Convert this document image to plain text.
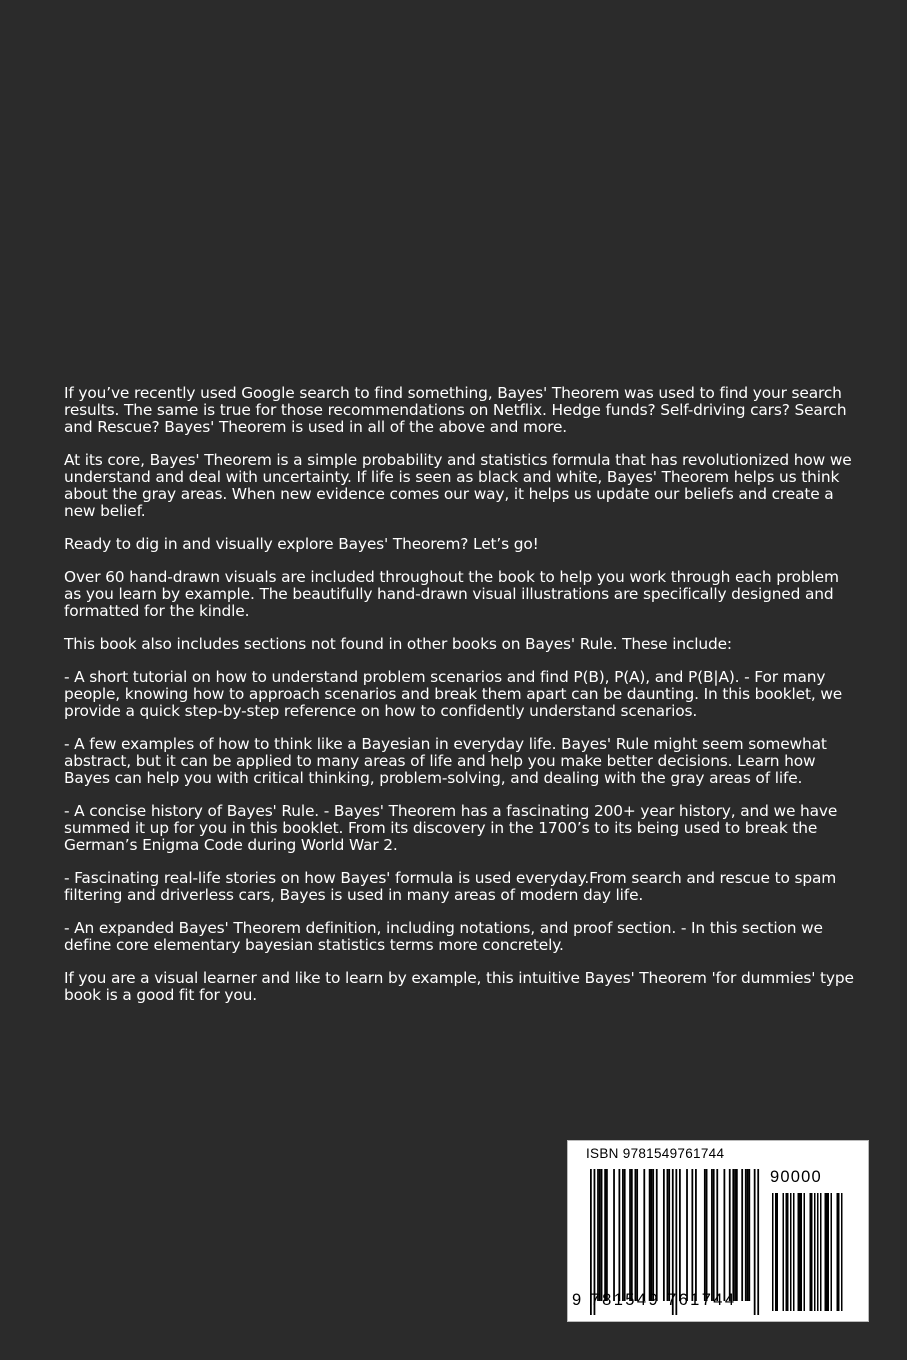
If you’ve recently used Google search to find something, Bayes' Theorem was used to find your search results. The same is true for those recommendations on Netflix. Hedge funds? Self-driving cars? Search and Rescue? Bayes' Theorem is used in all of the above and more.

At its core, Bayes' Theorem is a simple probability and statistics formula that has revolutionized how we understand and deal with uncertainty. If life is seen as black and white, Bayes' Theorem helps us think about the gray areas. When new evidence comes our way, it helps us update our beliefs and create a new belief.

Ready to dig in and visually explore Bayes' Theorem? Let’s go!

Over 60 hand-drawn visuals are included throughout the book to help you work through each problem as you learn by example. The beautifully hand-drawn visual illustrations are specifically designed and formatted for the kindle.

This book also includes sections not found in other books on Bayes' Rule. These include:

- A short tutorial on how to understand problem scenarios and find P(B), P(A), and P(B|A). - For many people, knowing how to approach scenarios and break them apart can be daunting. In this booklet, we provide a quick step-by-step reference on how to confidently understand scenarios.

- A few examples of how to think like a Bayesian in everyday life. Bayes' Rule might seem somewhat abstract, but it can be applied to many areas of life and help you make better decisions. Learn how Bayes can help you with critical thinking, problem-solving, and dealing with the gray areas of life.

- A concise history of Bayes' Rule. - Bayes' Theorem has a fascinating 200+ year history, and we have summed it up for you in this booklet. From its discovery in the 1700’s to its being used to break the German’s Enigma Code during World War 2.

- Fascinating real-life stories on how Bayes' formula is used everyday.From search and rescue to spam filtering and driverless cars, Bayes is used in many areas of modern day life.

- An expanded Bayes' Theorem definition, including notations, and proof section. - In this section we define core elementary bayesian statistics terms more concretely.

If you are a visual learner and like to learn by example, this intuitive Bayes' Theorem 'for dummies' type book is a good fit for you.

ISBN 9781549761744
90000
9 781549 761744
